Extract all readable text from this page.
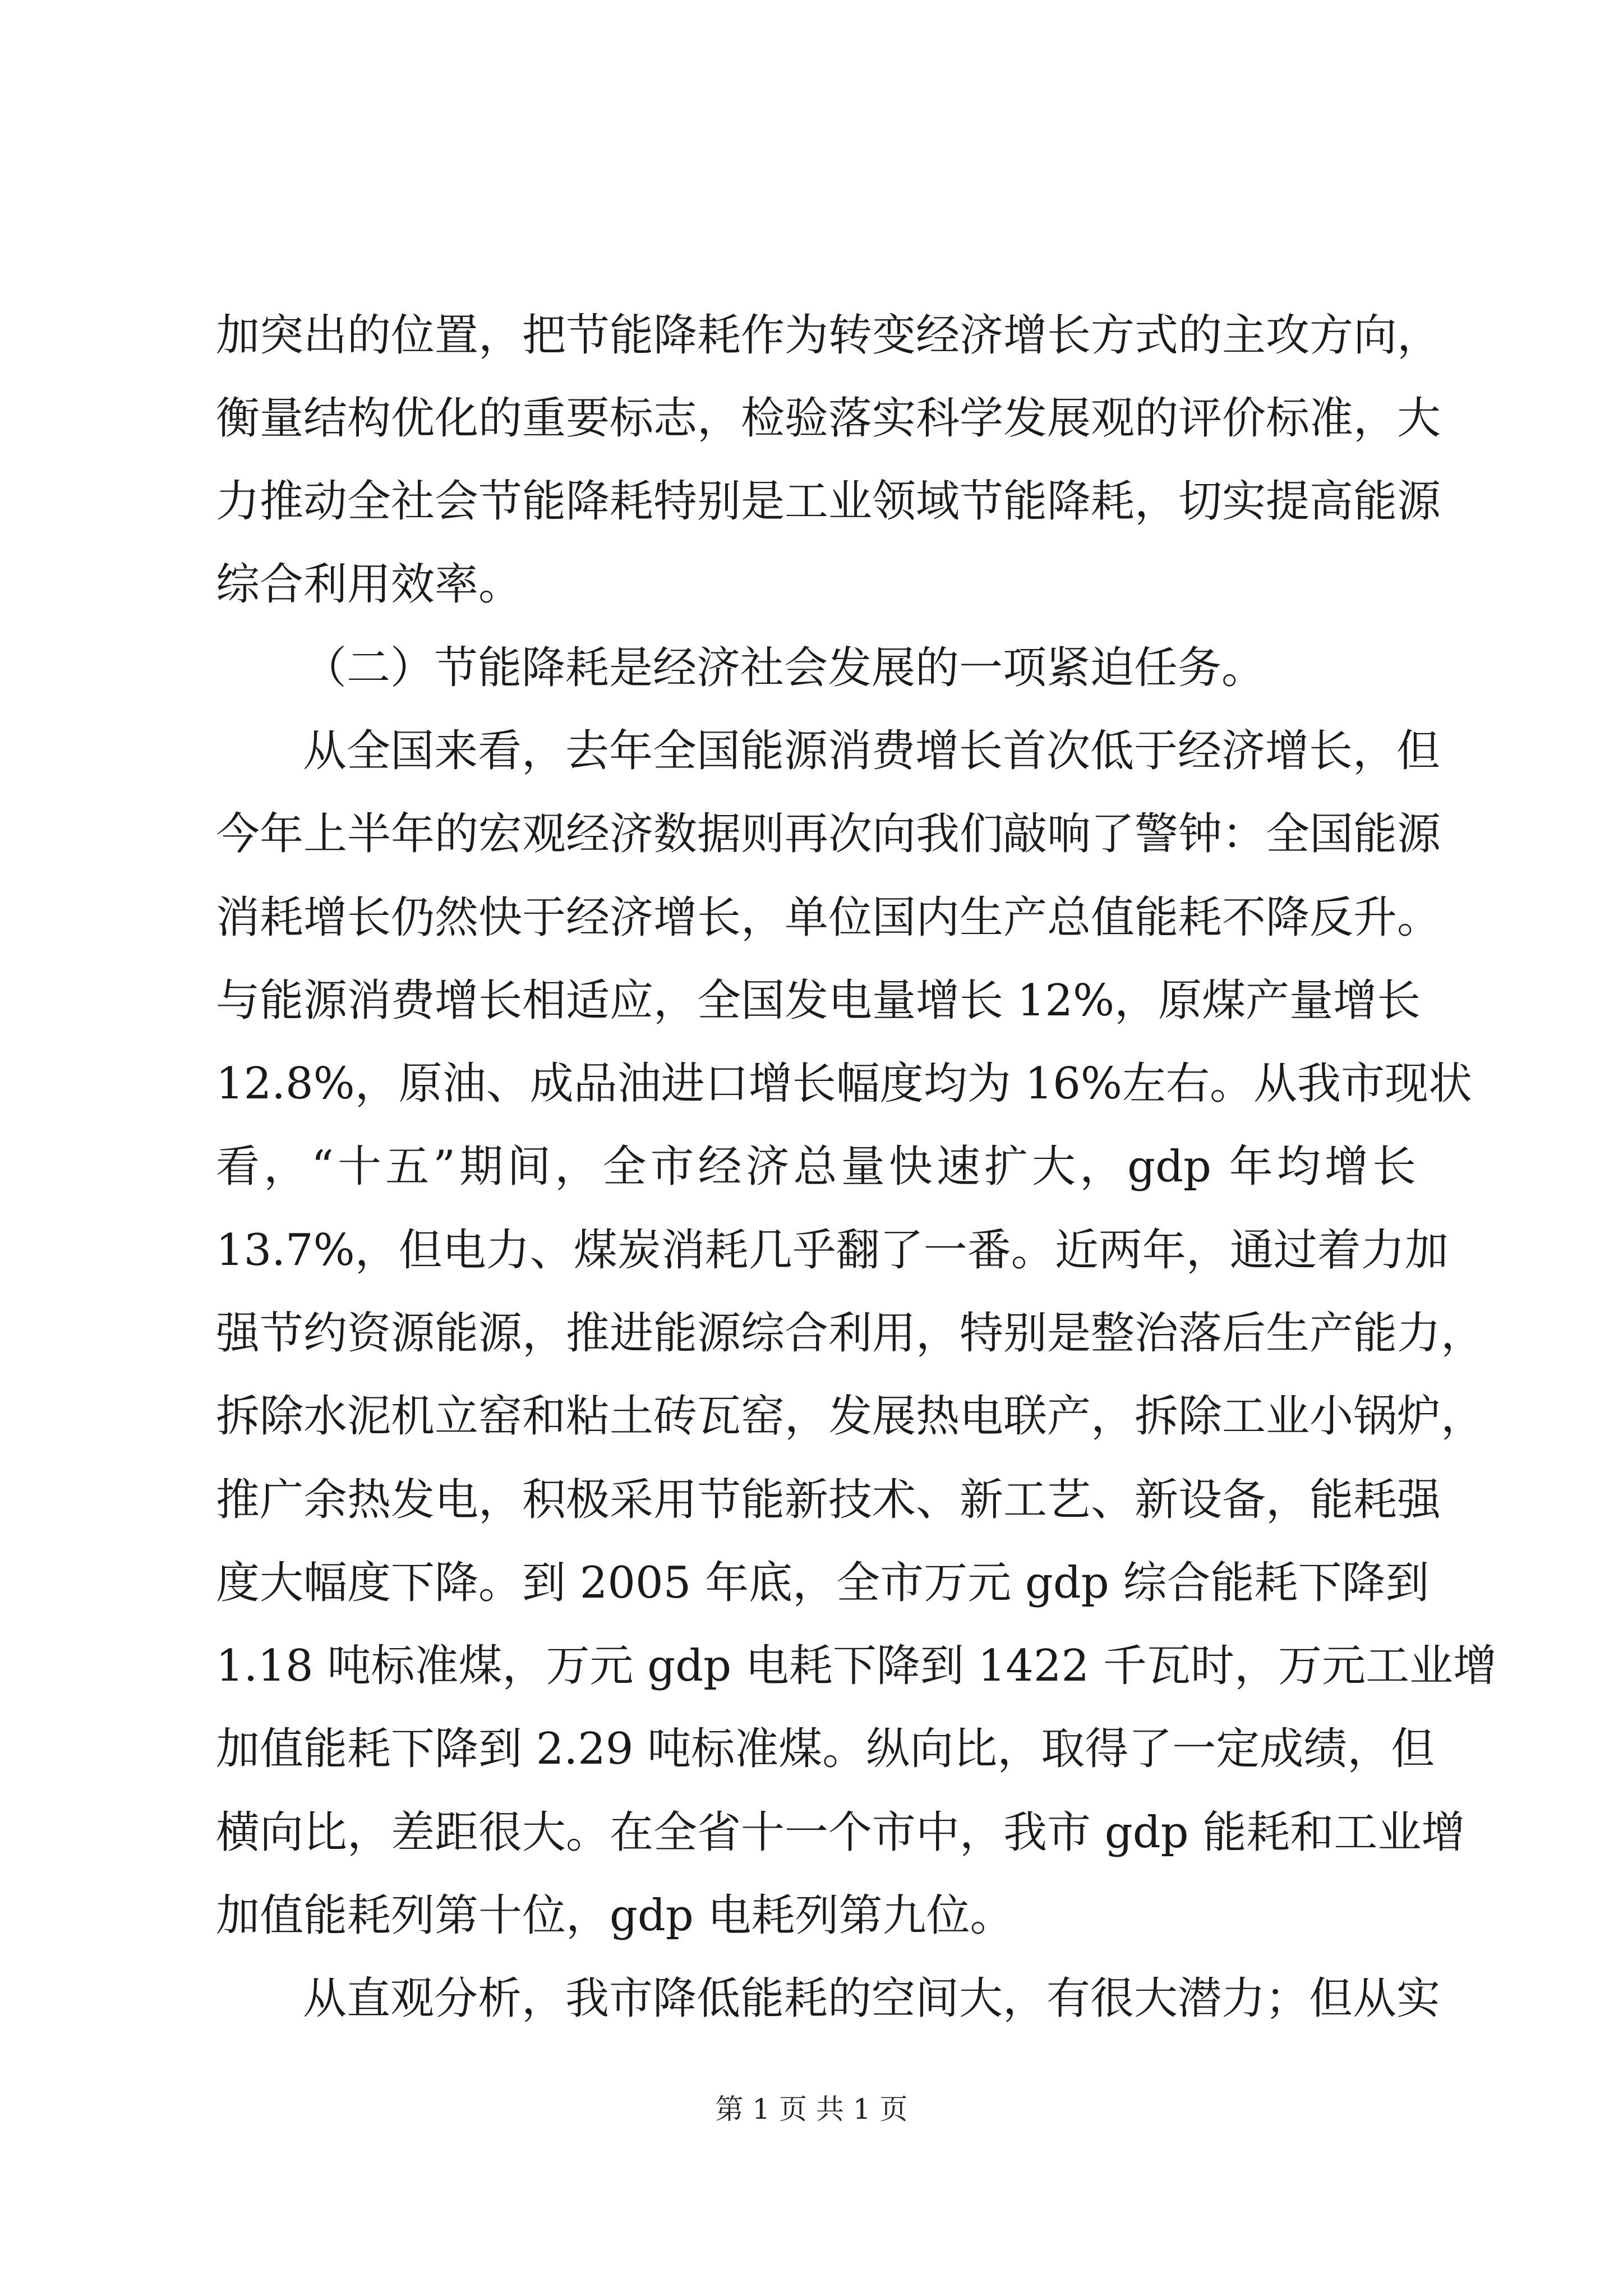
加突出的位置，把节能降耗作为转变经济增长方式的主攻方向，
衡量结构优化的重要标志，检验落实科学发展观的评价标准，大
力推动全社会节能降耗特别是工业领域节能降耗，切实提高能源
综合利用效率。
（二）节能降耗是经济社会发展的一项紧迫任务。
从全国来看，去年全国能源消费增长首次低于经济增长，但
今年上半年的宏观经济数据则再次向我们敲响了警钟：全国能源
消耗增长仍然快于经济增长，单位国内生产总值能耗不降反升。
与能源消费增长相适应，全国发电量增长 12%，原煤产量增长
12.8%，原油、成品油进口增长幅度均为 16%左右。从我市现状
看，“十五”期间，全市经济总量快速扩大，gdp 年均增长
13.7%，但电力、煤炭消耗几乎翻了一番。近两年，通过着力加
强节约资源能源，推进能源综合利用，特别是整治落后生产能力，
拆除水泥机立窑和粘土砖瓦窑，发展热电联产，拆除工业小锅炉，
推广余热发电，积极采用节能新技术、新工艺、新设备，能耗强
度大幅度下降。到 2005 年底，全市万元 gdp 综合能耗下降到
1.18 吨标准煤，万元 gdp 电耗下降到 1422 千瓦时，万元工业增
加值能耗下降到 2.29 吨标准煤。纵向比，取得了一定成绩，但
横向比，差距很大。在全省十一个市中，我市 gdp 能耗和工业增
加值能耗列第十位，gdp 电耗列第九位。
从直观分析，我市降低能耗的空间大，有很大潜力；但从实
第 1 页 共 1 页
